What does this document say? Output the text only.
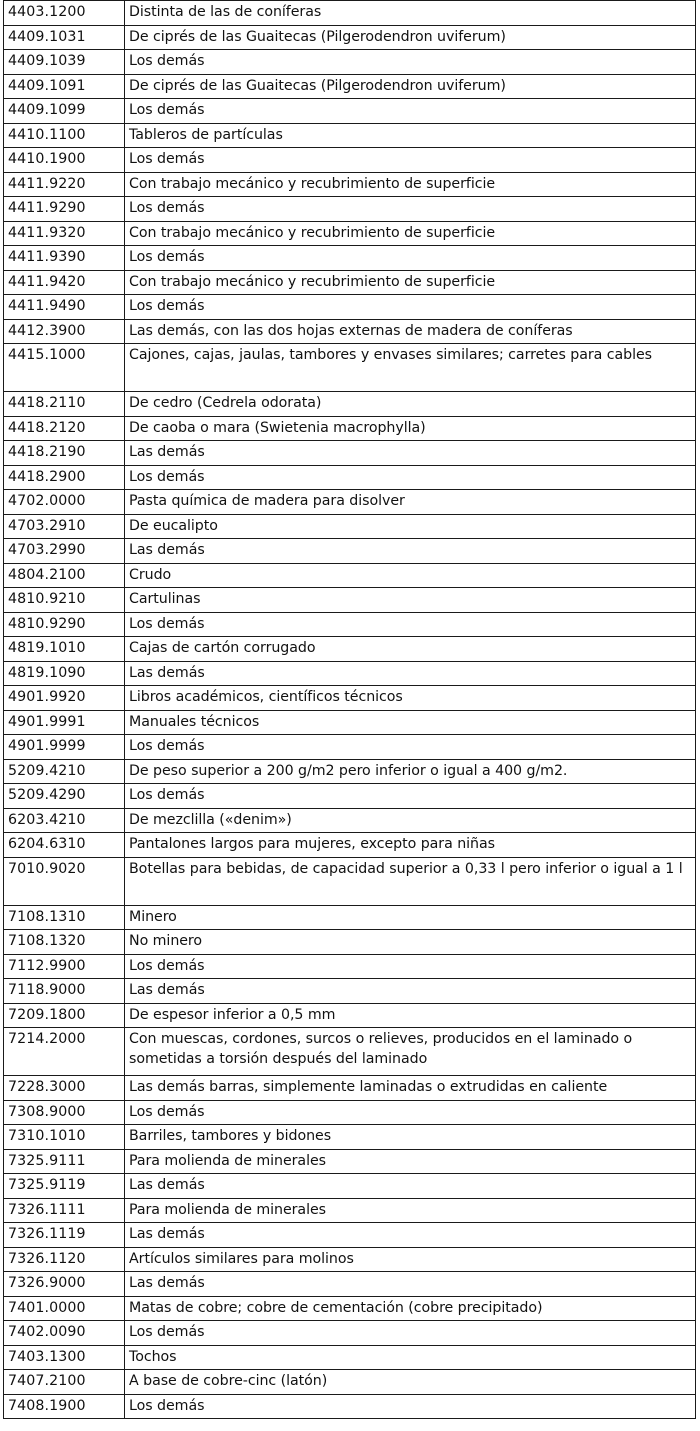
4403.1200	Distinta de las de coníferas
4409.1031	De ciprés de las Guaitecas (Pilgerodendron uviferum)
4409.1039	Los demás
4409.1091	De ciprés de las Guaitecas (Pilgerodendron uviferum)
4409.1099	Los demás
4410.1100	Tableros de partículas
4410.1900	Los demás
4411.9220	Con trabajo mecánico y recubrimiento de superficie
4411.9290	Los demás
4411.9320	Con trabajo mecánico y recubrimiento de superficie
4411.9390	Los demás
4411.9420	Con trabajo mecánico y recubrimiento de superficie
4411.9490	Los demás
4412.3900	Las demás, con las dos hojas externas de madera de coníferas
4415.1000	Cajones, cajas, jaulas, tambores y envases similares; carretes para cables
4418.2110	De cedro (Cedrela odorata)
4418.2120	De caoba o mara (Swietenia macrophylla)
4418.2190	Las demás
4418.2900	Los demás
4702.0000	Pasta química de madera para disolver
4703.2910	De eucalipto
4703.2990	Las demás
4804.2100	Crudo
4810.9210	Cartulinas
4810.9290	Los demás
4819.1010	Cajas de cartón corrugado
4819.1090	Las demás
4901.9920	Libros académicos, científicos técnicos
4901.9991	Manuales técnicos
4901.9999	Los demás
5209.4210	De peso superior a 200 g/m2 pero inferior o igual a 400 g/m2.
5209.4290	Los demás
6203.4210	De mezclilla («denim»)
6204.6310	Pantalones largos para mujeres, excepto para niñas
7010.9020	Botellas para bebidas, de capacidad superior a 0,33 l pero inferior o igual a 1 l
7108.1310	Minero
7108.1320	No minero
7112.9900	Los demás
7118.9000	Las demás
7209.1800	De espesor inferior a 0,5 mm
7214.2000	Con muescas, cordones, surcos o relieves, producidos en el laminado o sometidas a torsión después del laminado
7228.3000	Las demás barras, simplemente laminadas o extrudidas en caliente
7308.9000	Los demás
7310.1010	Barriles, tambores y bidones
7325.9111	Para molienda de minerales
7325.9119	Las demás
7326.1111	Para molienda de minerales
7326.1119	Las demás
7326.1120	Artículos similares para molinos
7326.9000	Las demás
7401.0000	Matas de cobre; cobre de cementación (cobre precipitado)
7402.0090	Los demás
7403.1300	Tochos
7407.2100	A base de cobre-cinc (latón)
7408.1900	Los demás
